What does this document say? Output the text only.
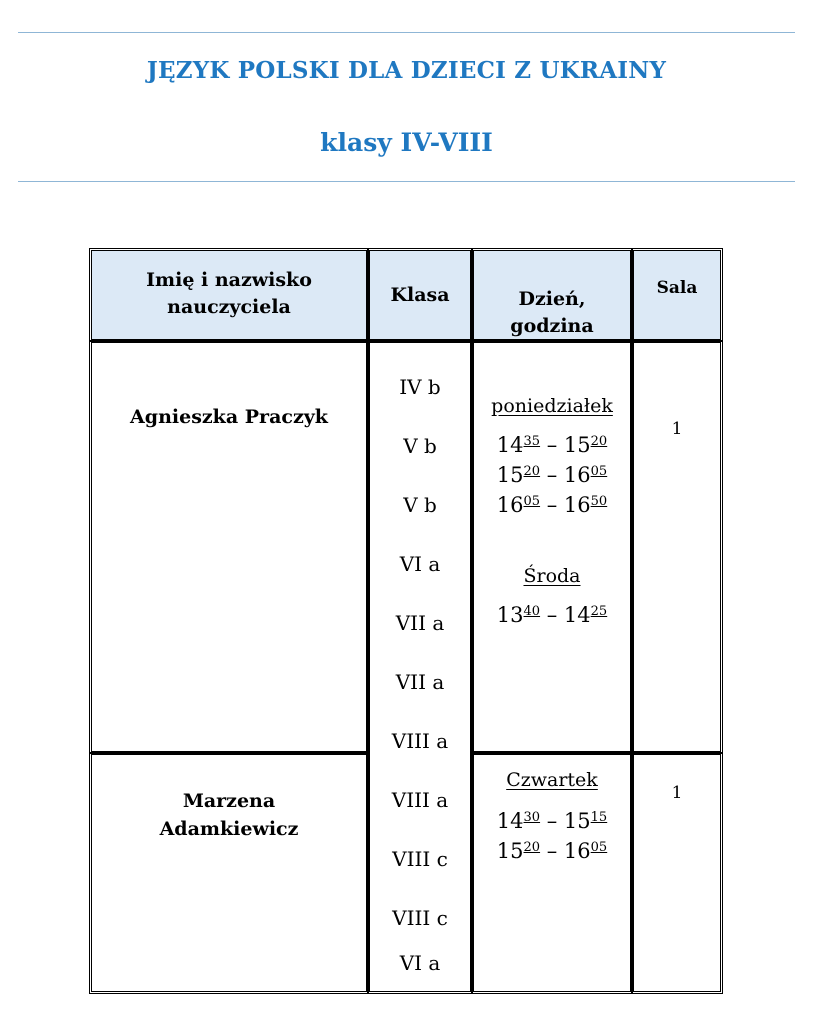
JĘZYK POLSKI DLA DZIECI Z UKRAINY
klasy IV-VIII
Imię i nazwisko
nauczyciela
Klasa	Dzień,
godzina
Sala
Agnieszka Praczyk
Marzena
Adamkiewicz
IV b
V b
V b
VI a
VII a
VII a
VIII a
VIII a
VIII c
VIII c
VI a
poniedziałek
$14^{35} - 15^{20}$
$15^{20} - 16^{05}$
$16^{05} - 16^{50}$
Środa
$13^{40} - 14^{25}$
Czwartek
$14^{30} - 15^{15}$
$15^{20} - 16^{05}$
1
1
